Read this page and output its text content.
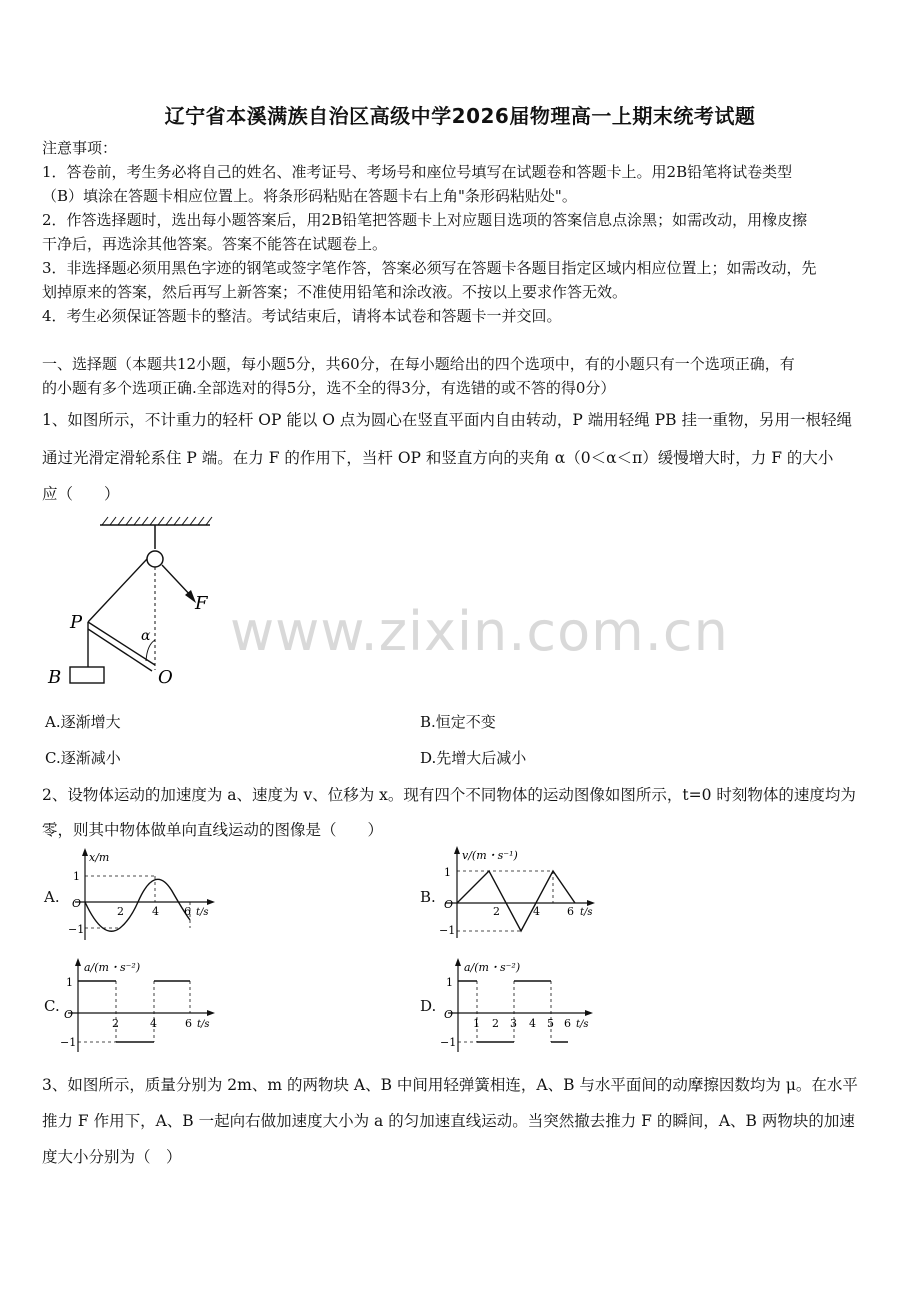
辽宁省本溪满族自治区高级中学2026届物理高一上期末统考试题
注意事项：
1．答卷前，考生务必将自己的姓名、准考证号、考场号和座位号填写在试题卷和答题卡上。用2B铅笔将试卷类型
（B）填涂在答题卡相应位置上。将条形码粘贴在答题卡右上角"条形码粘贴处"。
2．作答选择题时，选出每小题答案后，用2B铅笔把答题卡上对应题目选项的答案信息点涂黑；如需改动，用橡皮擦
干净后，再选涂其他答案。答案不能答在试题卷上。
3．非选择题必须用黑色字迹的钢笔或签字笔作答，答案必须写在答题卡各题目指定区域内相应位置上；如需改动，先
划掉原来的答案，然后再写上新答案；不准使用铅笔和涂改液。不按以上要求作答无效。
4．考生必须保证答题卡的整洁。考试结束后，请将本试卷和答题卡一并交回。
一、选择题（本题共12小题，每小题5分，共60分，在每小题给出的四个选项中，有的小题只有一个选项正确，有
的小题有多个选项正确.全部选对的得5分，选不全的得3分，有选错的或不答的得0分）
1、如图所示，不计重力的轻杆 OP 能以 O 点为圆心在竖直平面内自由转动，P 端用轻绳 PB 挂一重物，另用一根轻绳
通过光滑定滑轮系住 P 端。在力 F 的作用下，当杆 OP 和竖直方向的夹角 α（0＜α＜π）缓慢增大时，力 F 的大小
应（　　）
P
B	O
F
α www.zixin.com.cn
A.逐渐增大	B.恒定不变
C.逐渐减小	D.先增大后减小
2、设物体运动的加速度为 a、速度为 v、位移为 x。现有四个不同物体的运动图像如图所示，t=0 时刻物体的速度均为
零，则其中物体做单向直线运动的图像是（　　）
A.
x/m
1
−1
O
2	4 6 t/s
B.
v/(m・s⁻¹)
1
−1
O
2	4 6 t/s
C.
a/(m・s⁻²)
1
−1
O
2	4	6 t/s
D.
a/(m・s⁻²)
1
−1
O
1 2 3 4 5 6 t/s
3、如图所示，质量分别为 2m、m 的两物块 A、B 中间用轻弹簧相连，A、B 与水平面间的动摩擦因数均为 μ。在水平
推力 F 作用下，A、B 一起向右做加速度大小为 a 的匀加速直线运动。当突然撤去推力 F 的瞬间，A、B 两物块的加速
度大小分别为（　）
